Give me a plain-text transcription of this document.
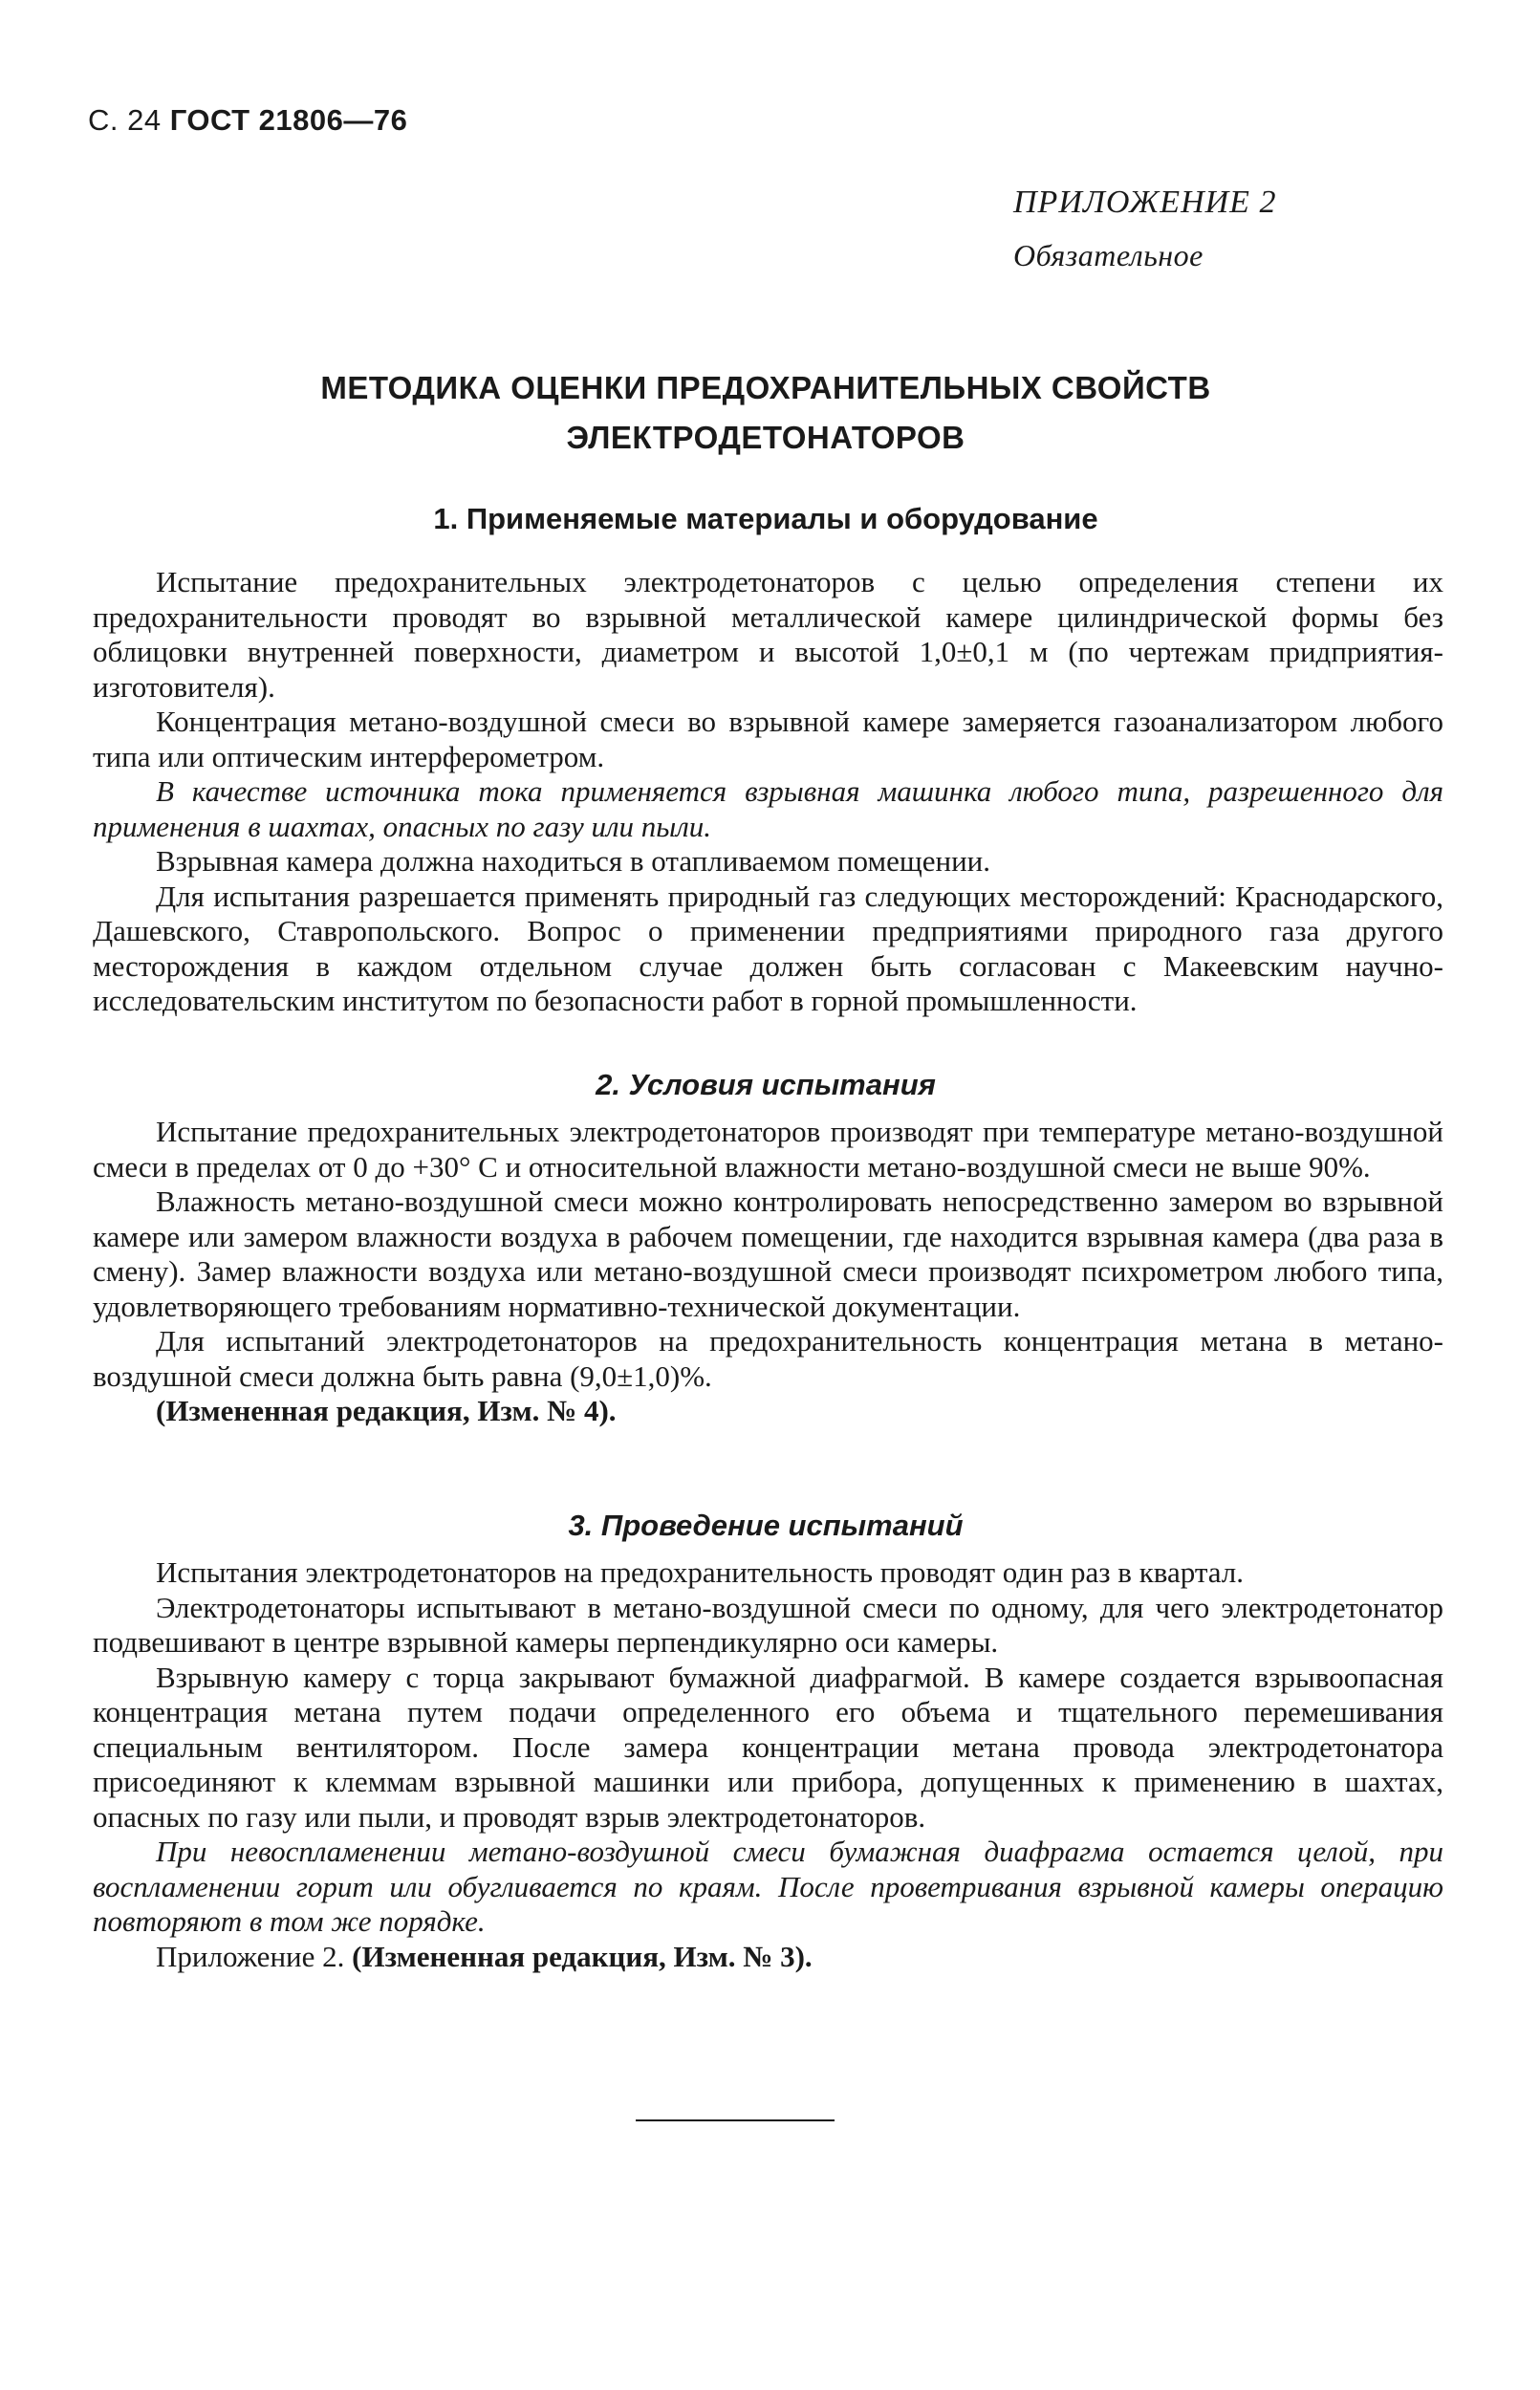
С. 24 ГОСТ 21806—76
ПРИЛОЖЕНИЕ 2
Обязательное
МЕТОДИКА ОЦЕНКИ ПРЕДОХРАНИТЕЛЬНЫХ СВОЙСТВ
ЭЛЕКТРОДЕТОНАТОРОВ
1. Применяемые материалы и оборудование

Испытание предохранительных электродетонаторов с целью определения степени их предохранительности проводят во взрывной металлической камере цилиндрической формы без облицовки внутренней поверхности, диаметром и высотой 1,0±0,1 м (по чертежам придприятия-изготовителя).

Концентрация метано-воздушной смеси во взрывной камере замеряется газоанализатором любого типа или оптическим интерферометром.

В качестве источника тока применяется взрывная машинка любого типа, разрешенного для применения в шахтах, опасных по газу или пыли.

Взрывная камера должна находиться в отапливаемом помещении.

Для испытания разрешается применять природный газ следующих месторождений: Краснодарского, Дашевского, Ставропольского. Вопрос о применении предприятиями природного газа другого месторождения в каждом отдельном случае должен быть согласован с Макеевским научно-исследовательским институтом по безопасности работ в горной промышленности.

2. Условия испытания

Испытание предохранительных электродетонаторов производят при температуре метано-воздушной смеси в пределах от 0 до +30° С и относительной влажности метано-воздушной смеси не выше 90%.

Влажность метано-воздушной смеси можно контролировать непосредственно замером во взрывной камере или замером влажности воздуха в рабочем помещении, где находится взрывная камера (два раза в смену). Замер влажности воздуха или метано-воздушной смеси производят психрометром любого типа, удовлетворяющего требованиям нормативно-технической документации.

Для испытаний электродетонаторов на предохранительность концентрация метана в метано-воздушной смеси должна быть равна (9,0±1,0)%.

(Измененная редакция, Изм. № 4).

3. Проведение испытаний

Испытания электродетонаторов на предохранительность проводят один раз в квартал.

Электродетонаторы испытывают в метано-воздушной смеси по одному, для чего электродетонатор подвешивают в центре взрывной камеры перпендикулярно оси камеры.

Взрывную камеру с торца закрывают бумажной диафрагмой. В камере создается взрывоопасная концентрация метана путем подачи определенного его объема и тщательного перемешивания специальным вентилятором. После замера концентрации метана провода электродетонатора присоединяют к клеммам взрывной машинки или прибора, допущенных к применению в шахтах, опасных по газу или пыли, и проводят взрыв электродетонаторов.

При невоспламенении метано-воздушной смеси бумажная диафрагма остается целой, при воспламенении горит или обугливается по краям. После проветривания взрывной камеры операцию повторяют в том же порядке.

Приложение 2. (Измененная редакция, Изм. № 3).
